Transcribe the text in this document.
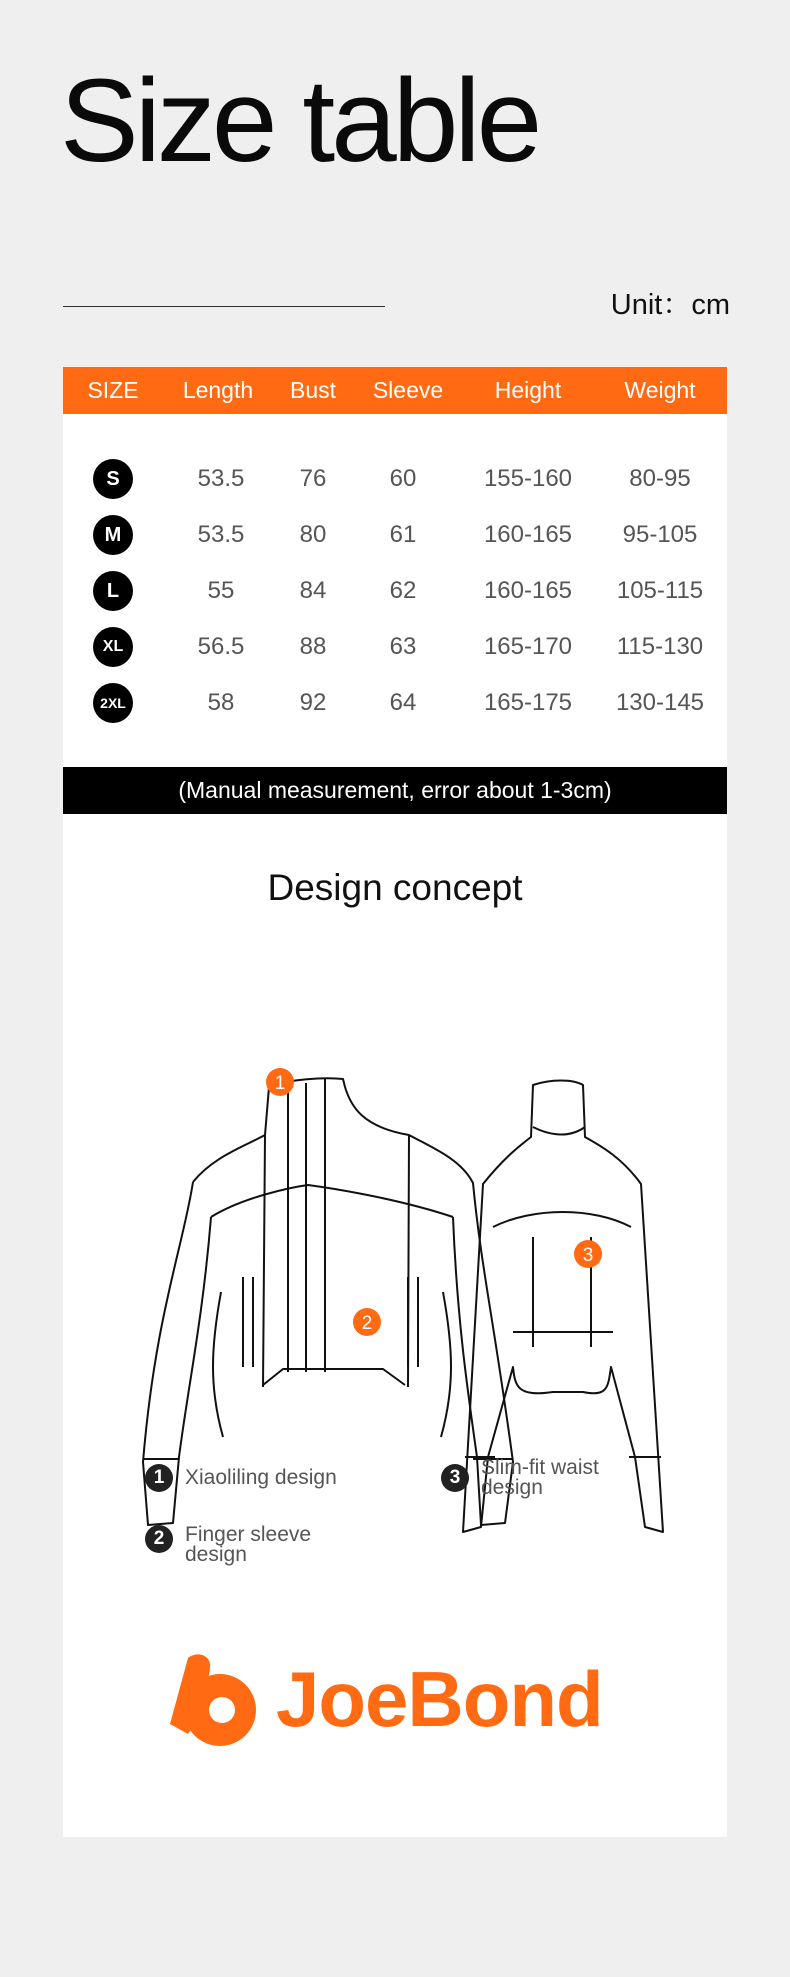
Size table
Unit：cm
SIZE	Length	Bust	Sleeve	Height	Weight
S	53.5	76	60	155-160	80-95
M	53.5	80	61	160-165	95-105
L	55	84	62	160-165	105-115
XL	56.5	88	63	165-170	115-130
2XL	58	92	64	165-175	130-145
(Manual measurement, error about 1-3cm)
Design concept
1
2
3
1 Xiaoliling design
2 Finger sleeve design
3 Slim-fit waist design
JoeBond
